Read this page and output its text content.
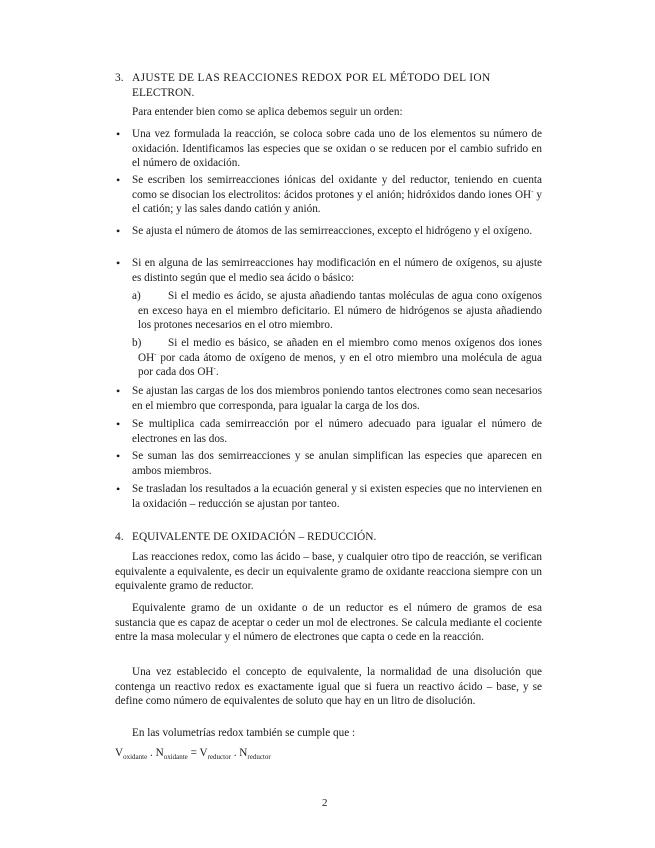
3. AJUSTE DE LAS REACCIONES REDOX POR EL MÉTODO DEL ION
ELECTRON.
Para entender bien como se aplica debemos seguir un orden:
• Una vez formulada la reacción, se coloca sobre cada uno de los elementos su número de oxidación. Identificamos las especies que se oxidan o se reducen por el cambio sufrido en el número de oxidación.
• Se escriben los semirreacciones iónicas del oxidante y del reductor, teniendo en cuenta como se disocian los electrolitos: ácidos protones y el anión; hidróxidos dando iones OH- y el catión; y las sales dando catión y anión.
• Se ajusta el número de átomos de las semirreacciones, excepto el hidrógeno y el oxígeno.
• Si en alguna de las semirreacciones hay modificación en el número de oxígenos, su ajuste es distinto según que el medio sea ácido o básico:
a)	Si el medio es ácido, se ajusta añadiendo tantas moléculas de agua cono oxígenos en exceso haya en el miembro deficitario. El número de hidrógenos se ajusta añadiendo los protones necesarios en el otro miembro.
b)	Si el medio es básico, se añaden en el miembro como menos oxígenos dos iones OH- por cada átomo de oxígeno de menos, y en el otro miembro una molécula de agua por cada dos OH-.
• Se ajustan las cargas de los dos miembros poniendo tantos electrones como sean necesarios en el miembro que corresponda, para igualar la carga de los dos.
• Se multiplica cada semirreacción por el número adecuado para igualar el número de electrones en las dos.
• Se suman las dos semirreacciones y se anulan simplifican las especies que aparecen en ambos miembros.
• Se trasladan los resultados a la ecuación general y si existen especies que no intervienen en la oxidación – reducción se ajustan por tanteo.
4. EQUIVALENTE DE OXIDACIÓN – REDUCCIÓN.
Las reacciones redox, como las ácido – base, y cualquier otro tipo de reacción, se verifican equivalente a equivalente, es decir un equivalente gramo de oxidante reacciona siempre con un equivalente gramo de reductor.
Equivalente gramo de un oxidante o de un reductor es el número de gramos de esa sustancia que es capaz de aceptar o ceder un mol de electrones. Se calcula mediante el cociente entre la masa molecular y el número de electrones que capta o cede en la reacción.
Una vez establecido el concepto de equivalente, la normalidad de una disolución que contenga un reactivo redox es exactamente igual que si fuera un reactivo ácido – base, y se define como número de equivalentes de soluto que hay en un litro de disolución.
En las volumetrías redox también se cumple que :
$V_{oxidante}$ . $N_{oxidante} = V_{reductor}$ . $N_{reductor}$
2
